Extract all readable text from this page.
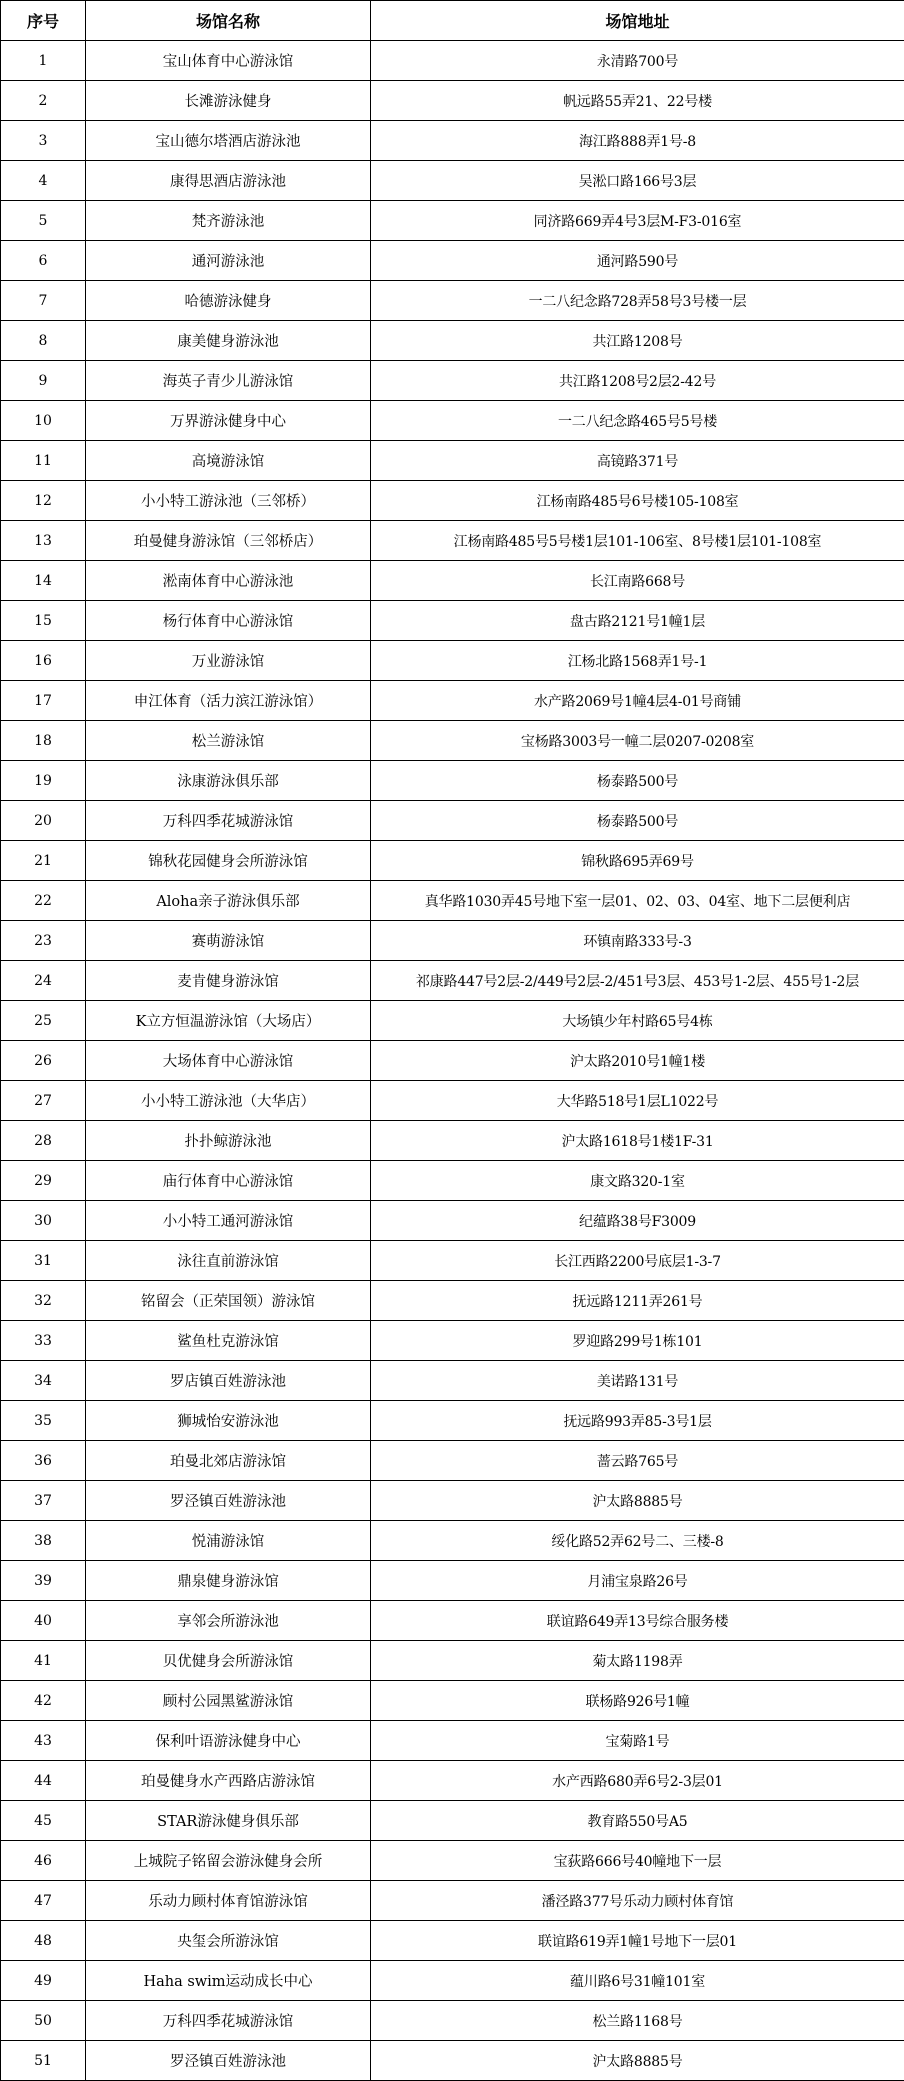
序号	场馆名称	场馆地址
1	宝山体育中心游泳馆	永清路700号
2	长滩游泳健身	帆远路55弄21、22号楼
3	宝山德尔塔酒店游泳池	海江路888弄1号-8
4	康得思酒店游泳池	吴淞口路166号3层
5	梵齐游泳池	同济路669弄4号3层M-F3-016室
6	通河游泳池	通河路590号
7	哈德游泳健身	一二八纪念路728弄58号3号楼一层
8	康美健身游泳池	共江路1208号
9	海英子青少儿游泳馆	共江路1208号2层2-42号
10	万界游泳健身中心	一二八纪念路465号5号楼
11	高境游泳馆	高镜路371号
12	小小特工游泳池（三邻桥）	江杨南路485号6号楼105-108室
13	珀曼健身游泳馆（三邻桥店）	江杨南路485号5号楼1层101-106室、8号楼1层101-108室
14	淞南体育中心游泳池	长江南路668号
15	杨行体育中心游泳馆	盘古路2121号1幢1层
16	万业游泳馆	江杨北路1568弄1号-1
17	申江体育（活力滨江游泳馆）	水产路2069号1幢4层4-01号商铺
18	松兰游泳馆	宝杨路3003号一幢二层0207-0208室
19	泳康游泳俱乐部	杨泰路500号
20	万科四季花城游泳馆	杨泰路500号
21	锦秋花园健身会所游泳馆	锦秋路695弄69号
22	Aloha亲子游泳俱乐部	真华路1030弄45号地下室一层01、02、03、04室、地下二层便利店
23	赛萌游泳馆	环镇南路333号-3
24	麦肯健身游泳馆	祁康路447号2层-2/449号2层-2/451号3层、453号1-2层、455号1-2层
25	K立方恒温游泳馆（大场店）	大场镇少年村路65号4栋
26	大场体育中心游泳馆	沪太路2010号1幢1楼
27	小小特工游泳池（大华店）	大华路518号1层L1022号
28	扑扑鲸游泳池	沪太路1618号1楼1F-31
29	庙行体育中心游泳馆	康文路320-1室
30	小小特工通河游泳馆	纪蕴路38号F3009
31	泳往直前游泳馆	长江西路2200号底层1-3-7
32	铭留会（正荣国领）游泳馆	抚远路1211弄261号
33	鲨鱼杜克游泳馆	罗迎路299号1栋101
34	罗店镇百姓游泳池	美诺路131号
35	狮城怡安游泳池	抚远路993弄85-3号1层
36	珀曼北郊店游泳馆	蔷云路765号
37	罗泾镇百姓游泳池	沪太路8885号
38	悦浦游泳馆	绥化路52弄62号二、三楼-8
39	鼎泉健身游泳馆	月浦宝泉路26号
40	享邻会所游泳池	联谊路649弄13号综合服务楼
41	贝优健身会所游泳馆	菊太路1198弄
42	顾村公园黑鲨游泳馆	联杨路926号1幢
43	保利叶语游泳健身中心	宝菊路1号
44	珀曼健身水产西路店游泳馆	水产西路680弄6号2-3层01
45	STAR游泳健身俱乐部	教育路550号A5
46	上城院子铭留会游泳健身会所	宝荻路666号40幢地下一层
47	乐动力顾村体育馆游泳馆	潘泾路377号乐动力顾村体育馆
48	央玺会所游泳馆	联谊路619弄1幢1号地下一层01
49	Haha swim运动成长中心	蕴川路6号31幢101室
50	万科四季花城游泳馆	松兰路1168号
51	罗泾镇百姓游泳池	沪太路8885号
